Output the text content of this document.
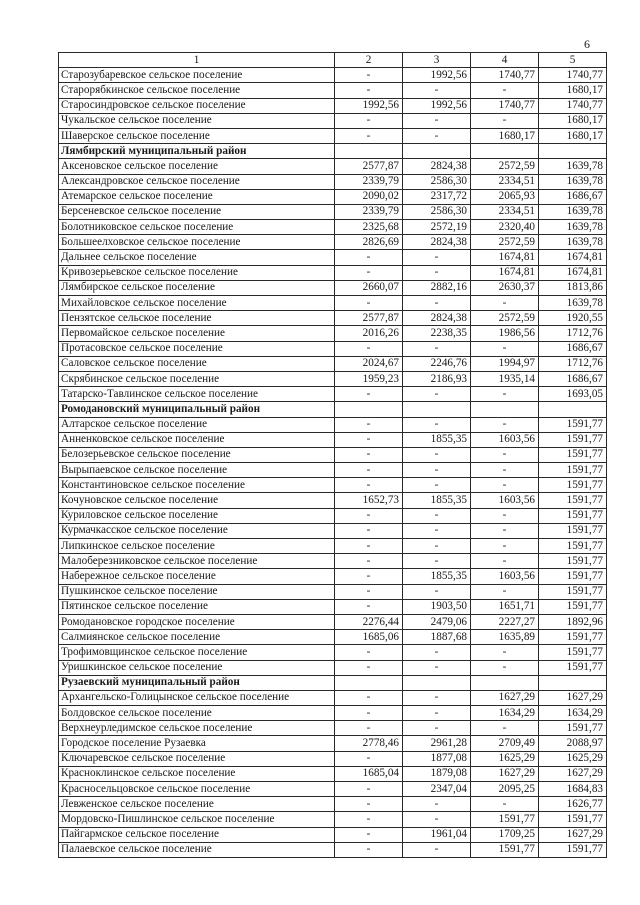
6
1	2	3	4	5
Старозубаревское сельское поселение	-	1992,56	1740,77	1740,77
Старорябкинское сельское поселение	-	-	-	1680,17
Старосиндровское сельское поселение	1992,56	1992,56	1740,77	1740,77
Чукальское сельское поселение	-	-	-	1680,17
Шаверское сельское поселение	-	-	1680,17	1680,17
Лямбирский муниципальный район				
Аксеновское сельское поселение	2577,87	2824,38	2572,59	1639,78
Александровское сельское поселение	2339,79	2586,30	2334,51	1639,78
Атемарское сельское поселение	2090,02	2317,72	2065,93	1686,67
Берсеневское сельское поселение	2339,79	2586,30	2334,51	1639,78
Болотниковское сельское поселение	2325,68	2572,19	2320,40	1639,78
Большеелховское сельское поселение	2826,69	2824,38	2572,59	1639,78
Дальнее сельское поселение	-	-	1674,81	1674,81
Кривозерьевское сельское поселение	-	-	1674,81	1674,81
Лямбирское сельское поселение	2660,07	2882,16	2630,37	1813,86
Михайловское сельское поселение	-	-	-	1639,78
Пензятское сельское поселение	2577,87	2824,38	2572,59	1920,55
Первомайское сельское поселение	2016,26	2238,35	1986,56	1712,76
Протасовское сельское поселение	-	-	-	1686,67
Саловское сельское поселение	2024,67	2246,76	1994,97	1712,76
Скрябинское сельское поселение	1959,23	2186,93	1935,14	1686,67
Татарско-Тавлинское сельское поселение	-	-	-	1693,05
Ромодановский муниципальный район				
Алтарское сельское поселение	-	-	-	1591,77
Анненковское сельское поселение	-	1855,35	1603,56	1591,77
Белозерьевское сельское поселение	-	-	-	1591,77
Вырыпаевское сельское поселение	-	-	-	1591,77
Константиновское сельское поселение	-	-	-	1591,77
Кочуновское сельское поселение	1652,73	1855,35	1603,56	1591,77
Куриловское сельское поселение	-	-	-	1591,77
Курмачкасское сельское поселение	-	-	-	1591,77
Липкинское сельское поселение	-	-	-	1591,77
Малоберезниковское сельское поселение	-	-	-	1591,77
Набережное сельское поселение	-	1855,35	1603,56	1591,77
Пушкинское сельское поселение	-	-	-	1591,77
Пятинское сельское поселение	-	1903,50	1651,71	1591,77
Ромодановское городское поселение	2276,44	2479,06	2227,27	1892,96
Салмиянское сельское поселение	1685,06	1887,68	1635,89	1591,77
Трофимовщинское сельское поселение	-	-	-	1591,77
Уришкинское сельское поселение	-	-	-	1591,77
Рузаевский муниципальный район				
Архангельско-Голицынское сельское поселение	-	-	1627,29	1627,29
Болдовское сельское поселение	-	-	1634,29	1634,29
Верхнеурледимское сельское поселение	-	-	-	1591,77
Городское поселение Рузаевка	2778,46	2961,28	2709,49	2088,97
Ключаревское сельское поселение	-	1877,08	1625,29	1625,29
Красноклинское сельское поселение	1685,04	1879,08	1627,29	1627,29
Красносельцовское сельское поселение	-	2347,04	2095,25	1684,83
Левженское сельское поселение	-	-	-	1626,77
Мордовско-Пишлинское сельское поселение	-	-	1591,77	1591,77
Пайгармское сельское поселение	-	1961,04	1709,25	1627,29
Палаевское сельское поселение	-	-	1591,77	1591,77
